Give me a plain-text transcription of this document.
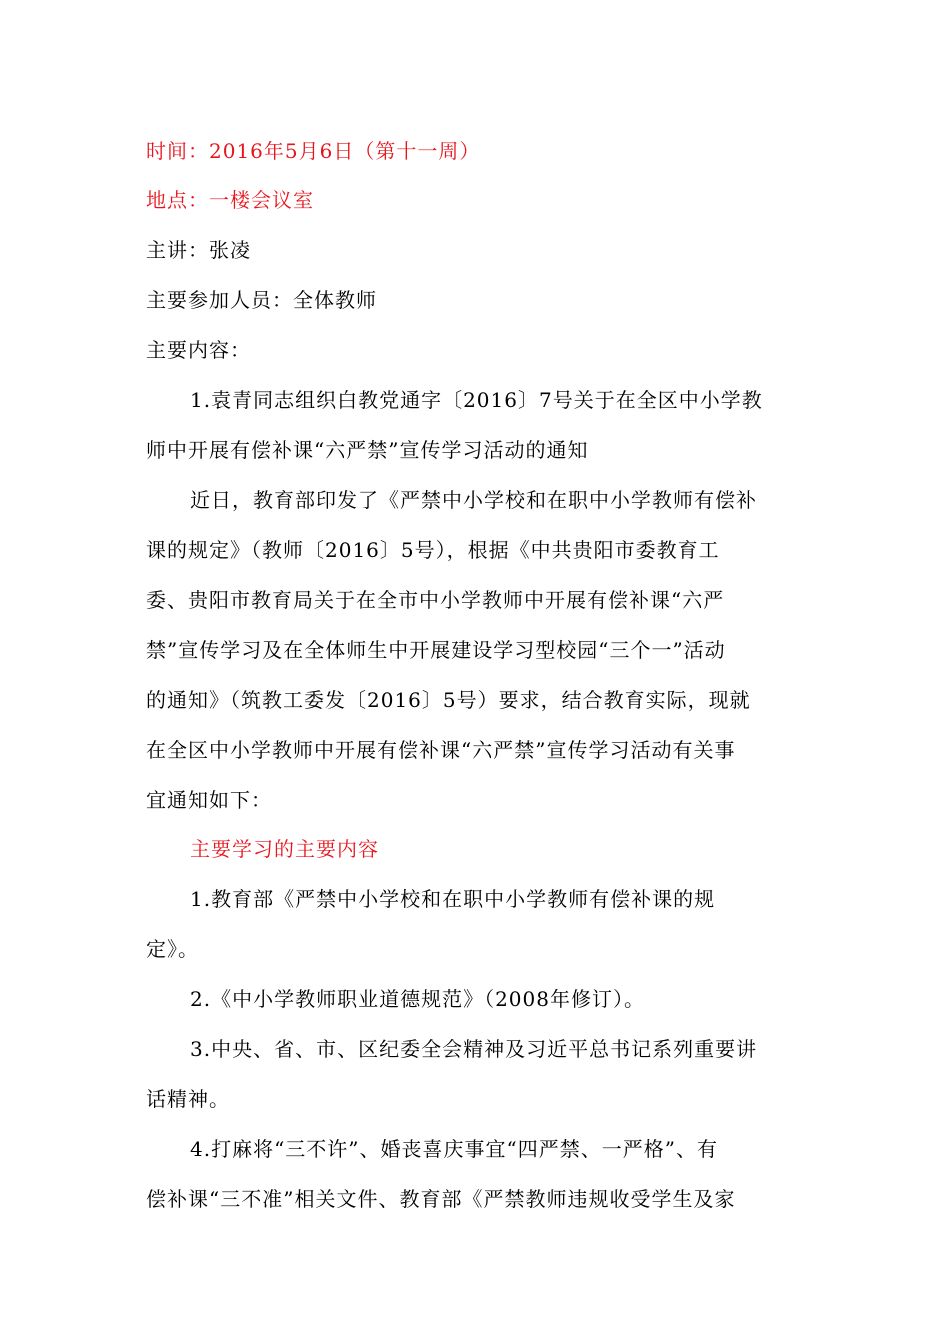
时间：2016年5月6日（第十一周）
地点：一楼会议室
主讲：张凌
主要参加人员：全体教师
主要内容：
1.袁青同志组织白教党通字〔2016〕7号关于在全区中小学教
师中开展有偿补课“六严禁”宣传学习活动的通知
近日，教育部印发了《严禁中小学校和在职中小学教师有偿补
课的规定》（教师〔2016〕5号），根据《中共贵阳市委教育工
委、贵阳市教育局关于在全市中小学教师中开展有偿补课“六严
禁”宣传学习及在全体师生中开展建设学习型校园“三个一”活动
的通知》（筑教工委发〔2016〕5号）要求，结合教育实际，现就
在全区中小学教师中开展有偿补课“六严禁”宣传学习活动有关事
宜通知如下：
主要学习的主要内容
1.教育部《严禁中小学校和在职中小学教师有偿补课的规
定》。
2.《中小学教师职业道德规范》（2008年修订）。
3.中央、省、市、区纪委全会精神及习近平总书记系列重要讲
话精神。
4.打麻将“三不许”、婚丧喜庆事宜“四严禁、一严格”、有
偿补课“三不准”相关文件、教育部《严禁教师违规收受学生及家
